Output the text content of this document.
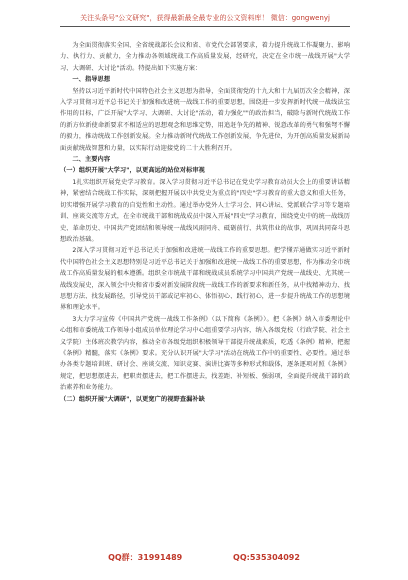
关注头条号"公文研究"，获得最新最全最专业的公文资料库！ 微信：gongwenyj

为全面贯彻落实全国、全省统战部长会议和省、市党代会部署要求，着力提升统战工作凝聚力、影响力、执行力、贡献力，全力推动各领域统战工作高质量发展，经研究，决定在全市统一战线开展"大学习、大调研、大讨论"活动。特提出如下实施方案：

一、指导思想

坚持以习近平新时代中国特色社会主义思想为指导，全面贯彻党的十九大和十九届历次全会精神，深入学习贯彻习近平总书记关于加强和改进统一战线工作的重要思想，围绕进一步发挥新时代统一战线法宝作用的目标，广泛开展"大学习、大调研、大讨论"活动，着力强化""的政治担当，破除与新时代统战工作的新方位新使命新要求不相适应的思想观念和思维定势，用追赶争先的精神、锐意改革的勇气和强弩不懈的毅力，推动统战工作创新发展。全力推动新时代统战工作创新发展，争先进位，为开创高质量发展新局面贡献统战智慧和力量，以实际行动迎接党的二十大胜利召开。

二、主要内容

（一）组织开展"大学习"，以更高远的站位对标审视

1扎实组织开展党史学习教育。深入学习贯彻习近平总书记在党史学习教育动员大会上的重要讲话精神，紧密结合统战工作实际，深刻把握开展以中共党史为重点的"四史"学习教育的重大意义和重大任务，切实增强开展学习教育的自觉性和主动性。通过举办党外人士学习会、同心讲坛、党派联合学习等专题培训、座谈交流等方式，在全市统战干部和统战成员中深入开展"四史"学习教育，围绕党史中的统一战线历史、革命历史、中国共产党团结和领导统一战线风雨同舟、砥砺前行、共筑伟业的故事，巩固共同奋斗思想政治基础。

2深入学习贯彻习近平总书记关于加强和改进统一战线工作的重要思想。把学懂弄通做实习近平新时代中国特色社会主义思想特别是习近平总书记关于加强和改进统一战线工作的重要思想，作为推动全市统战工作高质量发展的根本遵循。组织全市统战干部和统战成员系统学习中国共产党统一战线史、尤其统一战线发展史，深入领会中央和省市委对新发展阶段统一战线工作的新要求和新任务，从中找精神动力、找思想方法、找发展路径，引导党员干部或记牢初心、体悟初心、践行初心，进一步提升统战工作的思想境界和理论水平。

3大力学习宣传《中国共产党统一战线工作条例》（以下简称《条例》）。把《条例》纳入市委理论中心组和市委统战工作领导小组成员单位理论学习中心组重要学习内容，纳入各级党校（行政学院、社会主义学院）主体班次教学内容，推动全市各级党组织积极领导干部提升统战素质，吃透《条例》精神，把握《条例》精髓，落实《条例》要求。充分认识开展"大学习"活动在统战工作中的重要性、必要性。通过举办各类专题培训班、研讨会、座谈交流、知识竞赛、演讲比赛等多种形式和载体，逐条逐项对照《条例》规定，把思想摆进去，把职责摆进去，把工作摆进去，找差距、补短板、强弱项，全面提升统战干部的政治素养和业务能力。

（二）组织开展"大调研"，以更宽广的视野查漏补缺

QQ群：31991489	QQ:535304092
